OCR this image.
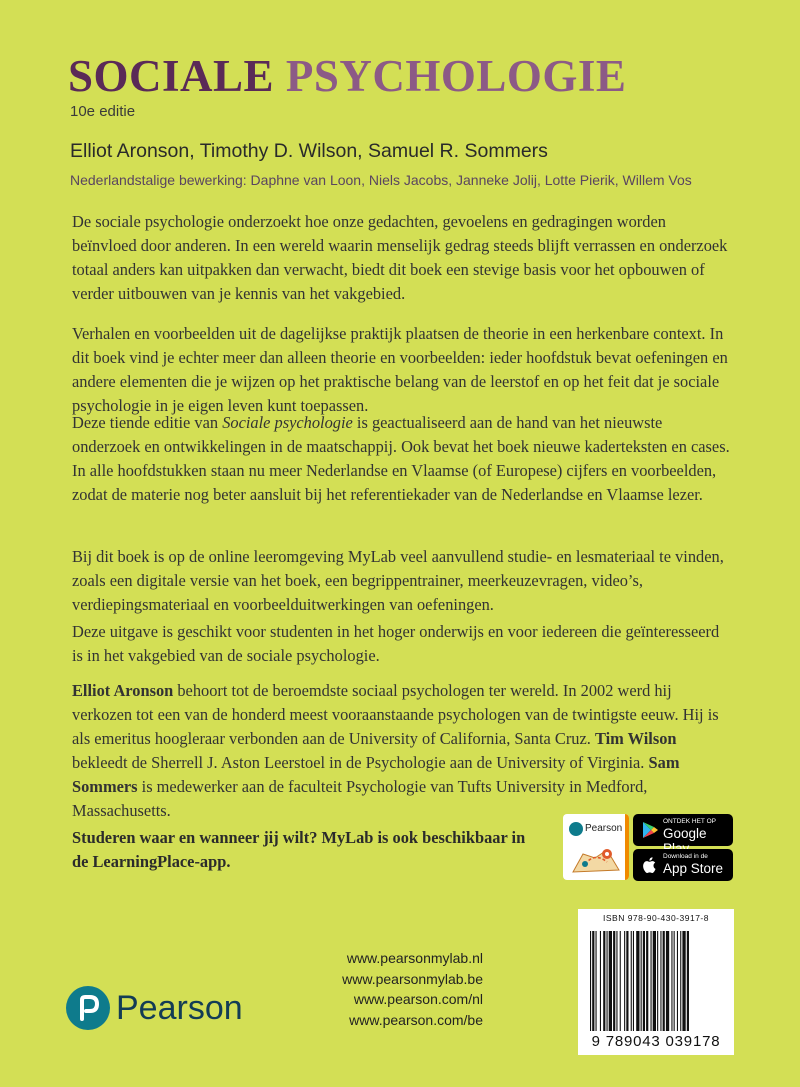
SOCIALE PSYCHOLOGIE
10e editie
Elliot Aronson, Timothy D. Wilson, Samuel R. Sommers
Nederlandstalige bewerking: Daphne van Loon, Niels Jacobs, Janneke Jolij, Lotte Pierik, Willem Vos

De sociale psychologie onderzoekt hoe onze gedachten, gevoelens en gedragingen worden beïnvloed door anderen. In een wereld waarin menselijk gedrag steeds blijft verrassen en onderzoek totaal anders kan uitpakken dan verwacht, biedt dit boek een stevige basis voor het opbouwen of verder uitbouwen van je kennis van het vakgebied.

Verhalen en voorbeelden uit de dagelijkse praktijk plaatsen de theorie in een herkenbare context. In dit boek vind je echter meer dan alleen theorie en voorbeelden: ieder hoofdstuk bevat oefeningen en andere elementen die je wijzen op het praktische belang van de leerstof en op het feit dat je sociale psychologie in je eigen leven kunt toepassen.

Deze tiende editie van Sociale psychologie is geactualiseerd aan de hand van het nieuwste onderzoek en ontwikkelingen in de maatschappij. Ook bevat het boek nieuwe kaderteksten en cases. In alle hoofdstukken staan nu meer Nederlandse en Vlaamse (of Europese) cijfers en voorbeelden, zodat de materie nog beter aansluit bij het referentiekader van de Nederlandse en Vlaamse lezer.

Bij dit boek is op de online leeromgeving MyLab veel aanvullend studie- en lesmateriaal te vinden, zoals een digitale versie van het boek, een begrippentrainer, meerkeuzevragen, video’s, verdiepingsmateriaal en voorbeelduitwerkingen van oefeningen.

Deze uitgave is geschikt voor studenten in het hoger onderwijs en voor iedereen die geïnteresseerd is in het vakgebied van de sociale psychologie.

Elliot Aronson behoort tot de beroemdste sociaal psychologen ter wereld. In 2002 werd hij verkozen tot een van de honderd meest vooraanstaande psychologen van de twintigste eeuw. Hij is als emeritus hoogleraar verbonden aan de University of California, Santa Cruz. Tim Wilson bekleedt de Sherrell J. Aston Leerstoel in de Psychologie aan de University of Virginia. Sam Sommers is medewerker aan de faculteit Psychologie van Tufts University in Medford, Massachusetts.

Studeren waar en wanneer jij wilt? MyLab is ook beschikbaar in de LearningPlace-app.
Pearson
ONTDEK HET OP
Google
Download in de
App Store
ISBN 978-90-430-3917-8
9 789043 039178
www.pearsonmylab.nl
www.pearsonmylab.be
www.pearson.com/nl
www.pearson.com/be
Pearson
